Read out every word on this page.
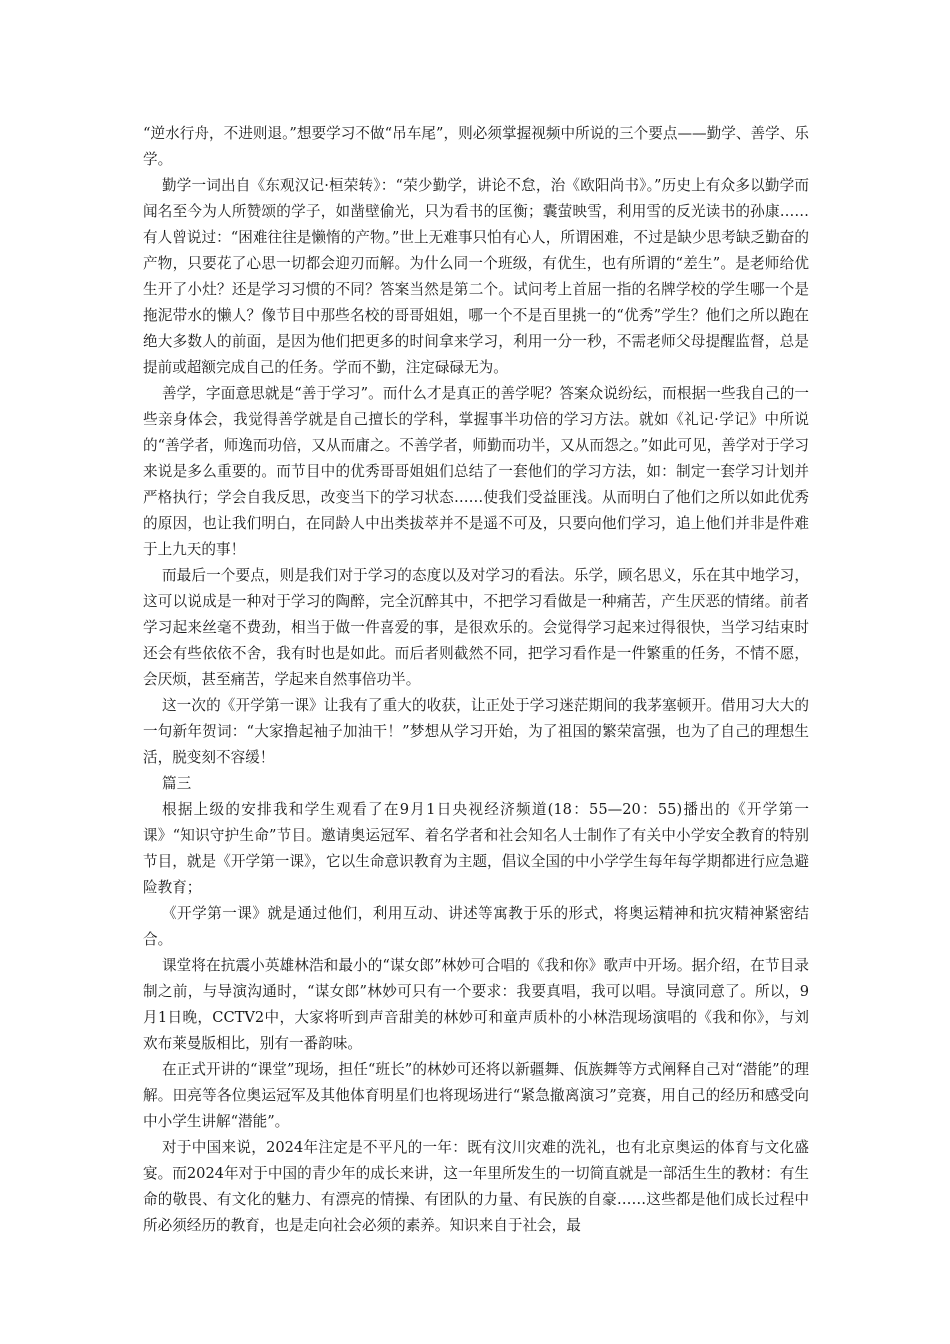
“逆水行舟，不进则退。”想要学习不做“吊车尾”，则必须掌握视频中所说的三个要点——勤学、善学、乐学。

勤学一词出自《东观汉记·桓荣转》：“荣少勤学，讲论不怠，治《欧阳尚书》。”历史上有众多以勤学而闻名至今为人所赞颂的学子，如凿壁偷光，只为看书的匡衡；囊萤映雪，利用雪的反光读书的孙康……有人曾说过：“困难往往是懒惰的产物。”世上无难事只怕有心人，所谓困难，不过是缺少思考缺乏勤奋的产物，只要花了心思一切都会迎刃而解。为什么同一个班级，有优生，也有所谓的“差生”。是老师给优生开了小灶？还是学习习惯的不同？答案当然是第二个。试问考上首屈一指的名牌学校的学生哪一个是拖泥带水的懒人？像节目中那些名校的哥哥姐姐，哪一个不是百里挑一的“优秀”学生？他们之所以跑在绝大多数人的前面，是因为他们把更多的时间拿来学习，利用一分一秒，不需老师父母提醒监督，总是提前或超额完成自己的任务。学而不勤，注定碌碌无为。

善学，字面意思就是“善于学习”。而什么才是真正的善学呢？答案众说纷纭，而根据一些我自己的一些亲身体会，我觉得善学就是自己擅长的学科，掌握事半功倍的学习方法。就如《礼记·学记》中所说的“善学者，师逸而功倍，又从而庸之。不善学者，师勤而功半，又从而怨之。”如此可见，善学对于学习来说是多么重要的。而节目中的优秀哥哥姐姐们总结了一套他们的学习方法，如：制定一套学习计划并严格执行；学会自我反思，改变当下的学习状态……使我们受益匪浅。从而明白了他们之所以如此优秀的原因，也让我们明白，在同龄人中出类拔萃并不是遥不可及，只要向他们学习，追上他们并非是件难于上九天的事！

而最后一个要点，则是我们对于学习的态度以及对学习的看法。乐学，顾名思义，乐在其中地学习，这可以说成是一种对于学习的陶醉，完全沉醉其中，不把学习看做是一种痛苦，产生厌恶的情绪。前者学习起来丝毫不费劲，相当于做一件喜爱的事，是很欢乐的。会觉得学习起来过得很快，当学习结束时还会有些依依不舍，我有时也是如此。而后者则截然不同，把学习看作是一件繁重的任务，不情不愿，会厌烦，甚至痛苦，学起来自然事倍功半。

这一次的《开学第一课》让我有了重大的收获，让正处于学习迷茫期间的我茅塞顿开。借用习大大的一句新年贺词：“大家撸起袖子加油干！”梦想从学习开始，为了祖国的繁荣富强，也为了自己的理想生活，脱变刻不容缓！

篇三

根据上级的安排我和学生观看了在9月1日央视经济频道(18：55—20：55)播出的《开学第一课》“知识守护生命”节目。邀请奥运冠军、着名学者和社会知名人士制作了有关中小学安全教育的特别节目，就是《开学第一课》，它以生命意识教育为主题，倡议全国的中小学学生每年每学期都进行应急避险教育；

《开学第一课》就是通过他们，利用互动、讲述等寓教于乐的形式，将奥运精神和抗灾精神紧密结合。

课堂将在抗震小英雄林浩和最小的“谋女郎”林妙可合唱的《我和你》歌声中开场。据介绍，在节目录制之前，与导演沟通时，“谋女郎”林妙可只有一个要求：我要真唱，我可以唱。导演同意了。所以，9月1日晚，CCTV2中，大家将听到声音甜美的林妙可和童声质朴的小林浩现场演唱的《我和你》，与刘欢布莱曼版相比，别有一番韵味。

在正式开讲的“课堂”现场，担任“班长”的林妙可还将以新疆舞、佤族舞等方式阐释自己对“潜能”的理解。田亮等各位奥运冠军及其他体育明星们也将现场进行“紧急撤离演习”竞赛，用自己的经历和感受向中小学生讲解“潜能”。

对于中国来说，2024年注定是不平凡的一年：既有汶川灾难的洗礼，也有北京奥运的体育与文化盛宴。而2024年对于中国的青少年的成长来讲，这一年里所发生的一切简直就是一部活生生的教材：有生命的敬畏、有文化的魅力、有漂亮的情操、有团队的力量、有民族的自豪……这些都是他们成长过程中所必须经历的教育，也是走向社会必须的素养。知识来自于社会，最
